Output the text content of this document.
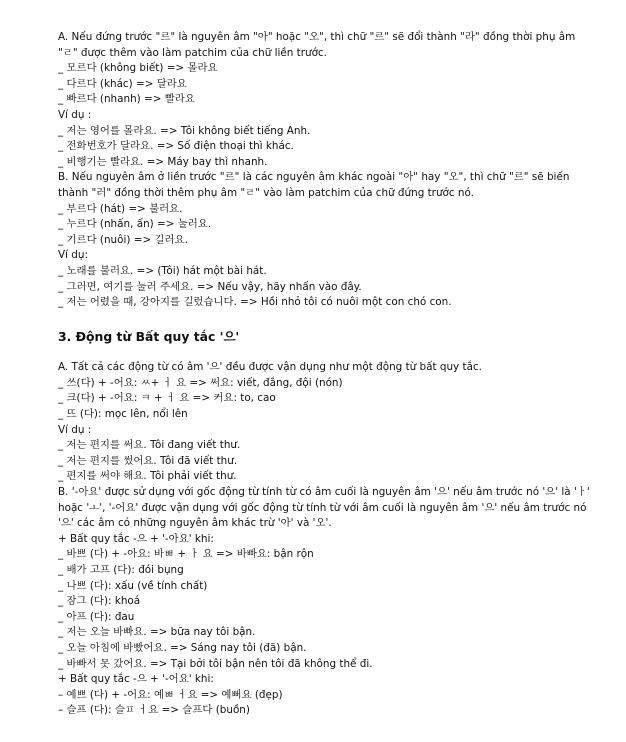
A. Nếu đứng trước "르" là nguyên âm "아" hoặc "오", thì chữ "르" sẽ đổi thành "라" đồng thời phụ âm "ㄹ" được thêm vào làm patchim của chữ liền trước.
_ 모르다 (không biết) => 몰라요
_ 다르다 (khác) => 달라요
_ 빠르다 (nhanh) => 빨라요
Ví dụ :
_ 저는 영어를 몰라요. => Tôi không biết tiếng Anh.
_ 전화번호가 달라요. => Số điện thoại thì khác.
_ 비행기는 빨라요. => Máy bay thì nhanh.
B. Nếu nguyên âm ở liền trước "르" là các nguyên âm khác ngoài "아" hay "오", thì chữ "르" sẽ biến thành "러" đồng thời thêm phụ âm "ㄹ" vào làm patchim của chữ đứng trước nó.
_ 부르다 (hát) => 불러요.
_ 누르다 (nhấn, ấn) => 눌러요.
_ 기르다 (nuôi) => 길러요.
Ví dụ:
_ 노래를 불러요. => (Tôi) hát một bài hát.
_ 그러면, 여기를 눌러 주세요. => Nếu vậy, hãy nhấn vào đây.
_ 저는 어렸을 때, 강아지를 길렀습니다. => Hồi nhỏ tôi có nuôi một con chó con.
3. Động từ Bất quy tắc '으'
A. Tất cả các động từ có âm '으' đều được vận dụng như một động từ bất quy tắc.
_ 쓰(다) + -어요: ㅆ+ ㅓ 요 => 써요: viết, đắng, đội (nón)
_ 크(다) + -어요: ㅋ + ㅓ 요 => 커요: to, cao
_ 뜨 (다): mọc lên, nổi lên
Ví dụ :
_ 저는 편지를 써요. Tôi đang viết thư.
_ 저는 편지를 썼어요. Tôi đã viết thư.
_ 편지를 써야 해요. Tôi phải viết thư.
B. '-아요' được sử dụng với gốc động từ tính từ có âm cuối là nguyên âm '으' nếu âm trước nó '으' là 'ㅏ' hoặc 'ㅗ', '-어요' được vận dụng với gốc động từ tính từ với âm cuối là nguyên âm '으' nếu âm trước nó '으' các âm có những nguyên âm khác trừ '아' và '오'.
+ Bất quy tắc -으 + '-아요' khi:
_ 바쁘 (다) + -아요: 바ㅃ + ㅏ 요 => 바빠요: bận rộn
_ 배가 고프 (다): đói bụng
_ 나쁘 (다): xấu (về tính chất)
_ 잠그 (다): khoá
_ 아프 (다): đau
_ 저는 오늘 바빠요. => bữa nay tôi bận.
_ 오늘 아침에 바빴어요. => Sáng nay tôi (đã) bận.
_ 바빠서 못 갔어요. => Tại bởi tôi bận nên tôi đã không thể đi.
+ Bất quy tắc -으 + '-어요' khi:
– 예쁘 (다) + -어요: 예ㅃ ㅓ요 => 예뻐요 (đẹp)
– 슬프 (다): 슬ㅍ ㅓ요 => 슬프다 (buồn)
